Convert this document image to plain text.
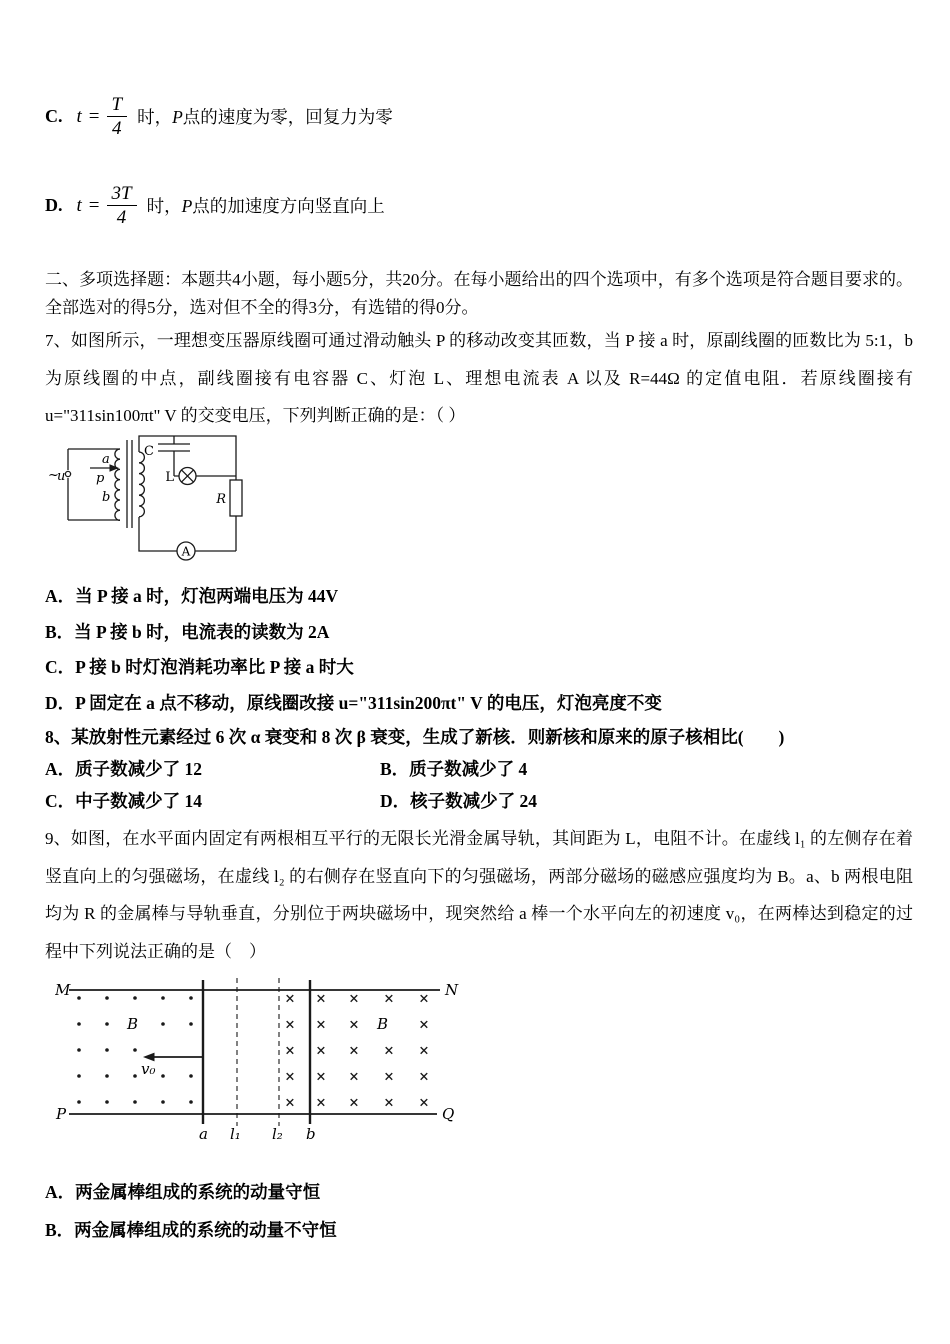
C. $t = \frac{T}{4}$ 时，P点的速度为零，回复力为零
D. $t = \frac{3T}{4}$ 时，P点的加速度方向竖直向上
二、多项选择题：本题共4小题，每小题5分，共20分。在每小题给出的四个选项中，有多个选项是符合题目要求的。全部选对的得5分，选对但不全的得3分，有选错的得0分。
7、如图所示，一理想变压器原线圈可通过滑动触头 P 的移动改变其匝数，当 P 接 a 时，原副线圈的匝数比为 5:1，b 为原线圈的中点，副线圈接有电容器 C、灯泡 L、理想电流表 A 以及 R=44Ω 的定值电阻．若原线圈接有 u="311sin100πt" V 的交变电压，下列判断正确的是：（ ）
~
u
a
p
b
C
L
R
A
A．当 P 接 a 时，灯泡两端电压为 44V
B．当 P 接 b 时，电流表的读数为 2A
C．P 接 b 时灯泡消耗功率比 P 接 a 时大
D．P 固定在 a 点不移动，原线圈改接 u="311sin200πt" V 的电压，灯泡亮度不变
8、某放射性元素经过 6 次 α 衰变和 8 次 β 衰变，生成了新核．则新核和原来的原子核相比(　　)
A．质子数减少了 12	B．质子数减少了 4
C．中子数减少了 14	D．核子数减少了 24
9、如图，在水平面内固定有两根相互平行的无限长光滑金属导轨，其间距为 L，电阻不计。在虚线 l₁ 的左侧存在着竖直向上的匀强磁场，在虚线 l₂ 的右侧存在竖直向下的匀强磁场，两部分磁场的磁感应强度均为 B。a、b 两根电阻均为 R 的金属棒与导轨垂直，分别位于两块磁场中，现突然给 a 棒一个水平向左的初速度 v₀，在两棒达到稳定的过程中下列说法正确的是（　）
× × × × ×
× × ×	×
× × × × ×
× × × × ×
× × × × ×
M	N
P	Q
a l₁ l₂ b
B	B
v₀
A．两金属棒组成的系统的动量守恒
B．两金属棒组成的系统的动量不守恒
